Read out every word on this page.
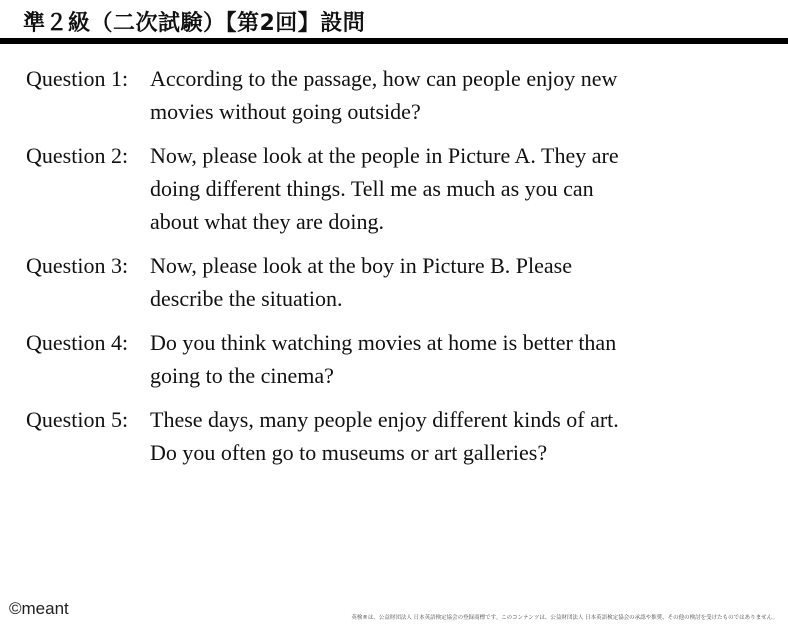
準２級（二次試験）【第2回】設問
Question 1: According to the passage, how can people enjoy new
movies without going outside?
Question 2: Now, please look at the people in Picture A. They are
doing different things. Tell me as much as you can
about what they are doing.
Question 3: Now, please look at the boy in Picture B. Please
describe the situation.
Question 4: Do you think watching movies at home is better than
going to the cinema?
Question 5: These days, many people enjoy different kinds of art.
Do you often go to museums or art galleries?
©meant	英検®は、公益財団法人 日本英語検定協会の登録商標です。このコンテンツは、公益財団法人 日本英語検定協会の承認や推奨、その他の検討を受けたものではありません。
